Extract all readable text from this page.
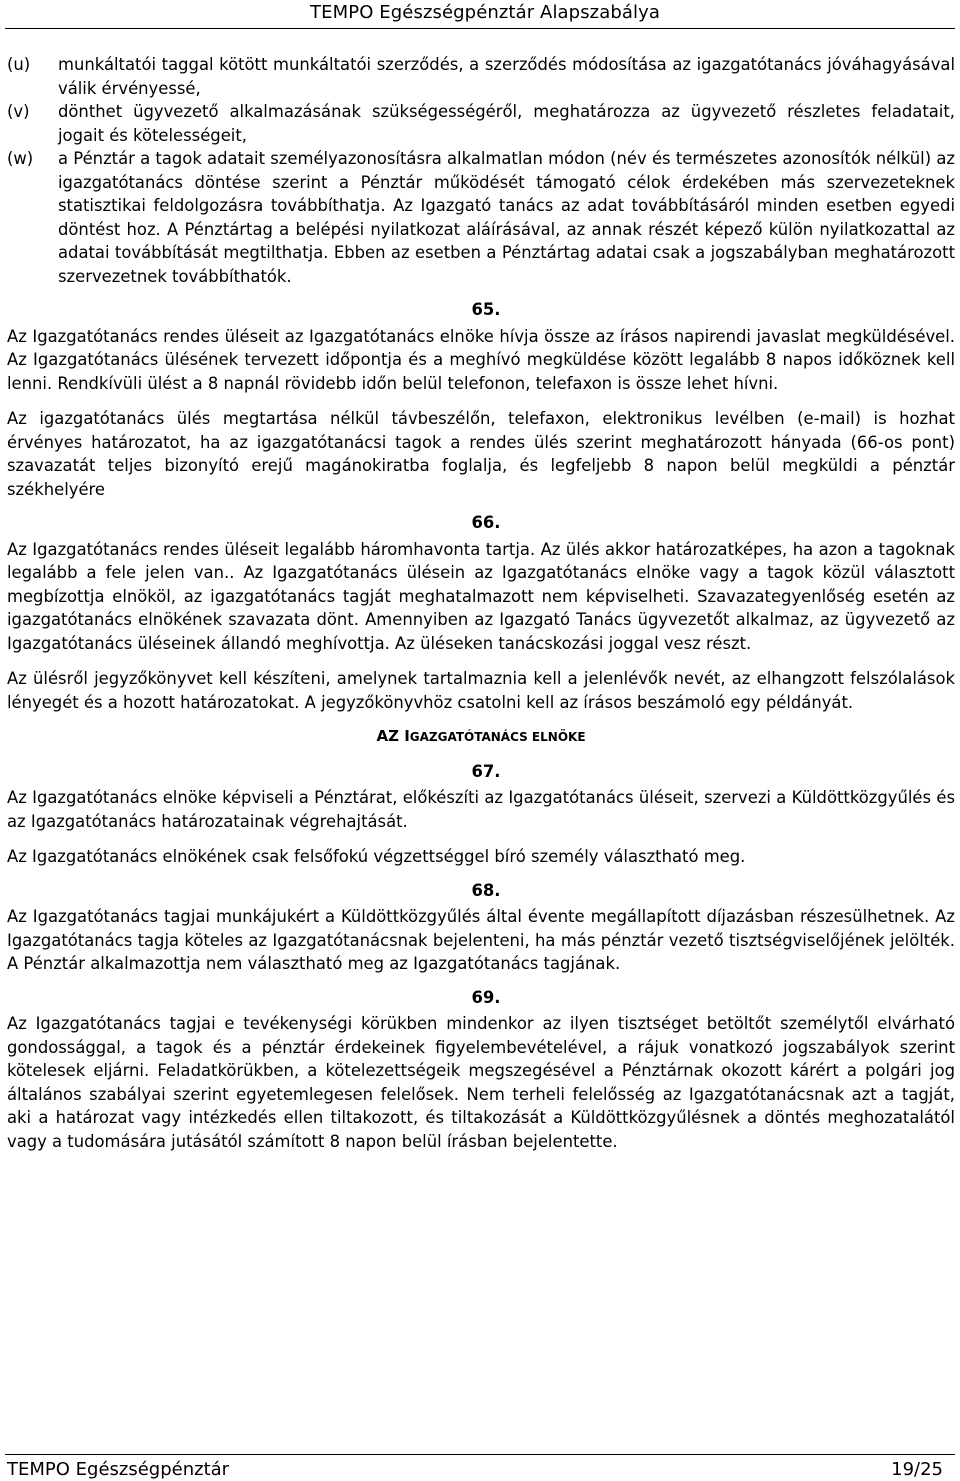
TEMPO Egészségpénztár Alapszabálya
(u)	munkáltatói taggal kötött munkáltatói szerződés, a szerződés módosítása az igazgatótanács jóváhagyásával válik érvényessé,
(v)	dönthet ügyvezető alkalmazásának szükségességéről, meghatározza az ügyvezető részletes feladatait, jogait és kötelességeit,
(w)	a Pénztár a tagok adatait személyazonosításra alkalmatlan módon (név és természetes azonosítók nélkül) az igazgatótanács döntése szerint a Pénztár működését támogató célok érdekében más szervezeteknek statisztikai feldolgozásra továbbíthatja. Az Igazgató tanács az adat továbbításáról minden esetben egyedi döntést hoz. A Pénztártag a belépési nyilatkozat aláírásával, az annak részét képező külön nyilatkozattal az adatai továbbítását megtilthatja. Ebben az esetben a Pénztártag adatai csak a jogszabályban meghatározott szervezetnek továbbíthatók.
65.

Az Igazgatótanács rendes üléseit az Igazgatótanács elnöke hívja össze az írásos napirendi javaslat megküldésével. Az Igazgatótanács ülésének tervezett időpontja és a meghívó megküldése között legalább 8 napos időköznek kell lenni. Rendkívüli ülést a 8 napnál rövidebb időn belül telefonon, telefaxon is össze lehet hívni.

Az igazgatótanács ülés megtartása nélkül távbeszélőn, telefaxon, elektronikus levélben (e-mail) is hozhat érvényes határozatot, ha az igazgatótanácsi tagok a rendes ülés szerint meghatározott hányada (66-os pont) szavazatát teljes bizonyító erejű magánokiratba foglalja, és legfeljebb 8 napon belül megküldi a pénztár székhelyére

66.

Az Igazgatótanács rendes üléseit legalább háromhavonta tartja. Az ülés akkor határozatképes, ha azon a tagoknak legalább a fele jelen van.. Az Igazgatótanács ülésein az Igazgatótanács elnöke vagy a tagok közül választott megbízottja elnököl, az igazgatótanács tagját meghatalmazott nem képviselheti. Szavazategyenlőség esetén az igazgatótanács elnökének szavazata dönt. Amennyiben az Igazgató Tanács ügyvezetőt alkalmaz, az ügyvezető az Igazgatótanács üléseinek állandó meghívottja. Az üléseken tanácskozási joggal vesz részt.

Az ülésről jegyzőkönyvet kell készíteni, amelynek tartalmaznia kell a jelenlévők nevét, az elhangzott felszólalások lényegét és a hozott határozatokat. A jegyzőkönyvhöz csatolni kell az írásos beszámoló egy példányát.

AZ IGAZGATÓTANÁCS ELNÖKE
67.

Az Igazgatótanács elnöke képviseli a Pénztárat, előkészíti az Igazgatótanács üléseit, szervezi a Küldöttközgyűlés és az Igazgatótanács határozatainak végrehajtását.

Az Igazgatótanács elnökének csak felsőfokú végzettséggel bíró személy választható meg.

68.

Az Igazgatótanács tagjai munkájukért a Küldöttközgyűlés által évente megállapított díjazásban részesülhetnek. Az Igazgatótanács tagja köteles az Igazgatótanácsnak bejelenteni, ha más pénztár vezető tisztségviselőjének jelölték. A Pénztár alkalmazottja nem választható meg az Igazgatótanács tagjának.

69.

Az Igazgatótanács tagjai e tevékenységi körükben mindenkor az ilyen tisztséget betöltőt személytől elvárható gondossággal, a tagok és a pénztár érdekeinek figyelembevételével, a rájuk vonatkozó jogszabályok szerint kötelesek eljárni. Feladatkörükben, a kötelezettségeik megszegésével a Pénztárnak okozott kárért a polgári jog általános szabályai szerint egyetemlegesen felelősek. Nem terheli felelősség az Igazgatótanácsnak azt a tagját, aki a határozat vagy intézkedés ellen tiltakozott, és tiltakozását a Küldöttközgyűlésnek a döntés meghozatalától vagy a tudomására jutásától számított 8 napon belül írásban bejelentette.

TEMPO Egészségpénztár	19/25
